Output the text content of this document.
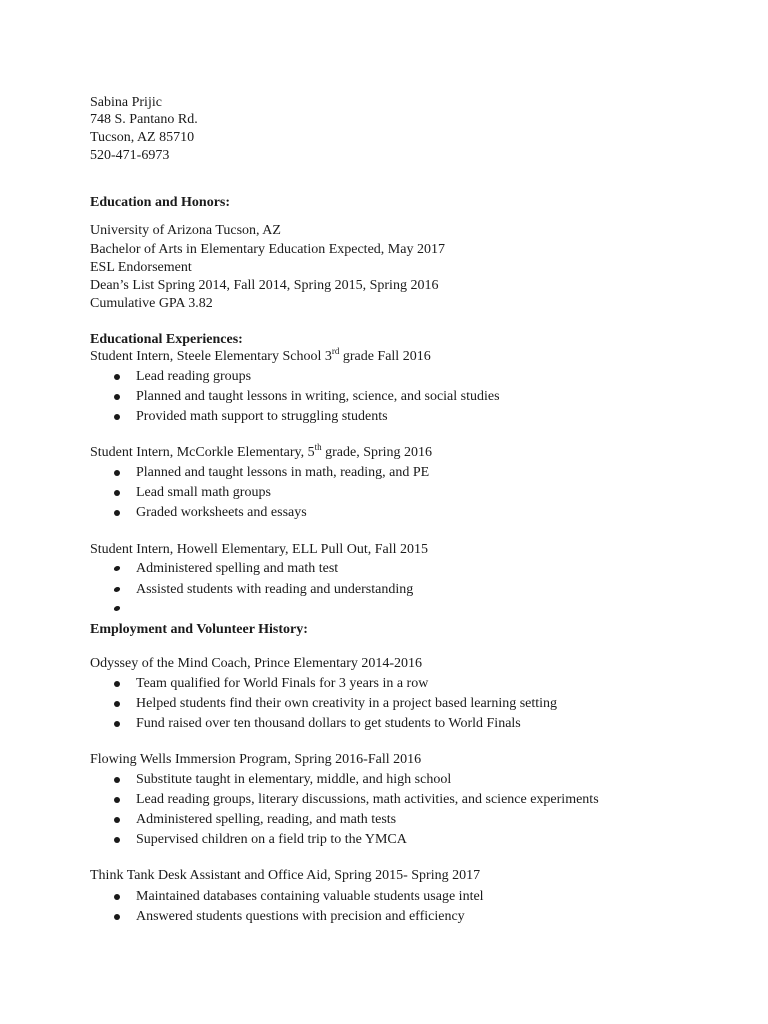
Sabina Prijic
748 S. Pantano Rd.
Tucson, AZ 85710
520-471-6973
Education and Honors:
University of Arizona Tucson, AZ
Bachelor of Arts in Elementary Education Expected, May 2017
ESL Endorsement
Dean’s List Spring 2014, Fall 2014, Spring 2015, Spring 2016
Cumulative GPA 3.82
Educational Experiences:
Student Intern, Steele Elementary School 3rd grade Fall 2016
Lead reading groups
Planned and taught lessons in writing, science, and social studies
Provided math support to struggling students
Student Intern, McCorkle Elementary, 5th grade, Spring 2016
Planned and taught lessons in math, reading, and PE
Lead small math groups
Graded worksheets and essays
Student Intern, Howell Elementary, ELL Pull Out, Fall 2015
Administered spelling and math test
Assisted students with reading and understanding
Employment and Volunteer History:
Odyssey of the Mind Coach, Prince Elementary 2014-2016
Team qualified for World Finals for 3 years in a row
Helped students find their own creativity in a project based learning setting
Fund raised over ten thousand dollars to get students to World Finals
Flowing Wells Immersion Program, Spring 2016-Fall 2016
Substitute taught in elementary, middle, and high school
Lead reading groups, literary discussions, math activities, and science experiments
Administered spelling, reading, and math tests
Supervised children on a field trip to the YMCA
Think Tank Desk Assistant and Office Aid, Spring 2015- Spring 2017
Maintained databases containing valuable students usage intel
Answered students questions with precision and efficiency
